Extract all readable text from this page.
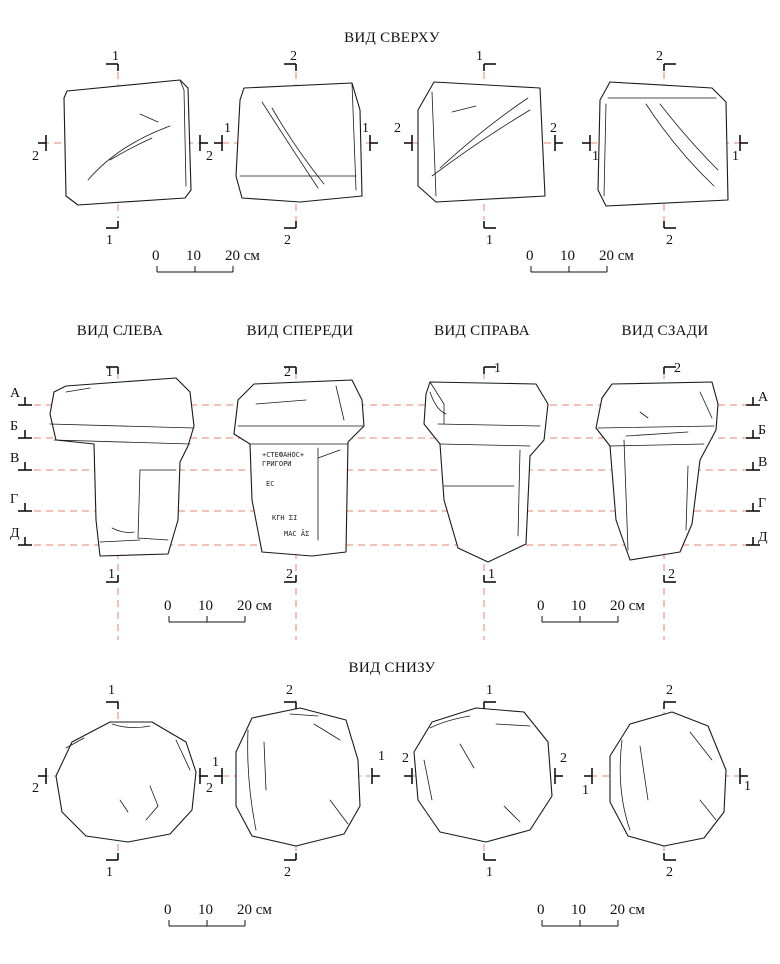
ВИД СВЕРХУ
ВИД СЛЕВА	ВИД СПЕРЕДИ	ВИД СПРАВА	ВИД СЗАДИ
ВИД СНИЗУ
1	2	1	2
1	2	1	2
2	2
1	1 2	2
1	1
0 10 20 см	0 10 20 см
+СТЕФАНОС+
ГРИГОРИ
ЕС
КГН ΣΙ
МАС ĀΣ
А	А
Б	Б
В	В
Г	Г
Д	Д
1
1
2
2
1
1
2
2
0 10 20 см	0 10 20 см
1
1
2
2
1
1
2
2
2	2
1	1 2	2
1	1
0 10 20 см	0 10 20 см
